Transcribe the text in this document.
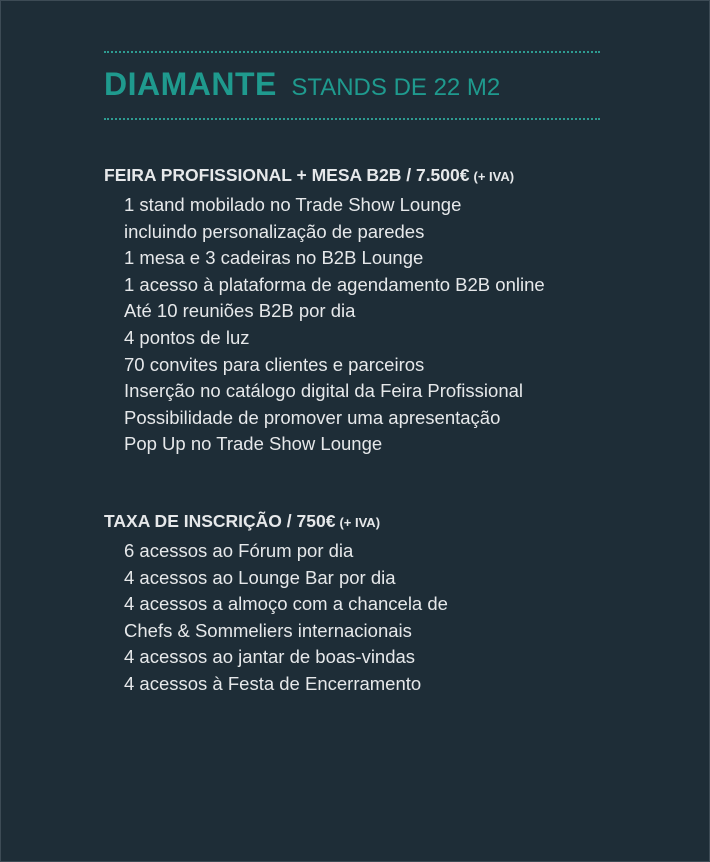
DIAMANTE STANDS DE 22 M2
FEIRA PROFISSIONAL + MESA B2B / 7.500€ (+ IVA)
1 stand mobilado no Trade Show Lounge
incluindo personalização de paredes
1 mesa e 3 cadeiras no B2B Lounge
1 acesso à plataforma de agendamento B2B online
Até 10 reuniões B2B por dia
4 pontos de luz
70 convites para clientes e parceiros
Inserção no catálogo digital da Feira Profissional
Possibilidade de promover uma apresentação
Pop Up no Trade Show Lounge
TAXA DE INSCRIÇÃO / 750€ (+ IVA)
6 acessos ao Fórum por dia
4 acessos ao Lounge Bar por dia
4 acessos a almoço com a chancela de
Chefs & Sommeliers internacionais
4 acessos ao jantar de boas-vindas
4 acessos à Festa de Encerramento
